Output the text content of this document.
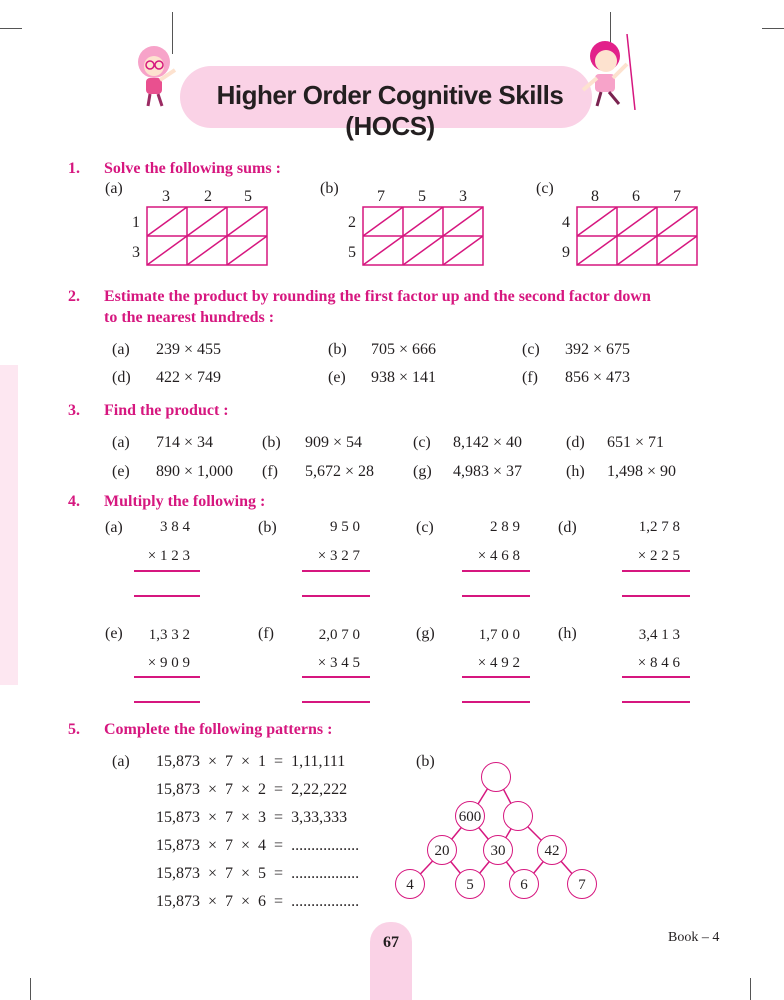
Higher Order Cognitive Skills (HOCS)
1. Solve the following sums :
(a) 3 2 5
1
3
(b) 7 5 3
2
5
(c) 8 6 7
4
9
2. Estimate the product by rounding the first factor up and the second factor down
to the nearest hundreds :
(a) 239 × 455	(b) 705 × 666	(c) 392 × 675
(d) 422 × 749	(e) 938 × 141	(f) 856 × 473
3. Find the product :
(a) 714 × 34	(b) 909 × 54	(c) 8,142 × 40	(d) 651 × 71
(e) 890 × 1,000 (f) 5,672 × 28 (g) 4,983 × 37	(h) 1,498 × 90
4. Multiply the following :
(a)	3 8 4
× 1 2 3
(b)	9 5 0
× 3 2 7
(c)	2 8 9
× 4 6 8
(d)	1,2 7 8
× 2 2 5
(e)	1,3 3 2
× 9 0 9
(f)	2,0 7 0
× 3 4 5
(g)	1,7 0 0
× 4 9 2
(h)	3,4 1 3
× 8 4 6
5. Complete the following patterns :
(a) 15,873  ×  7  ×  1  =  1,11,111
15,873  ×  7  ×  2  =  2,22,222
15,873  ×  7  ×  3  =  3,33,333
15,873  ×  7  ×  4  =  .................
15,873  ×  7  ×  5  =  .................
15,873  ×  7  ×  6  =  .................
(b)
600
20	30	42
4	5	6	7
67	Book – 4
